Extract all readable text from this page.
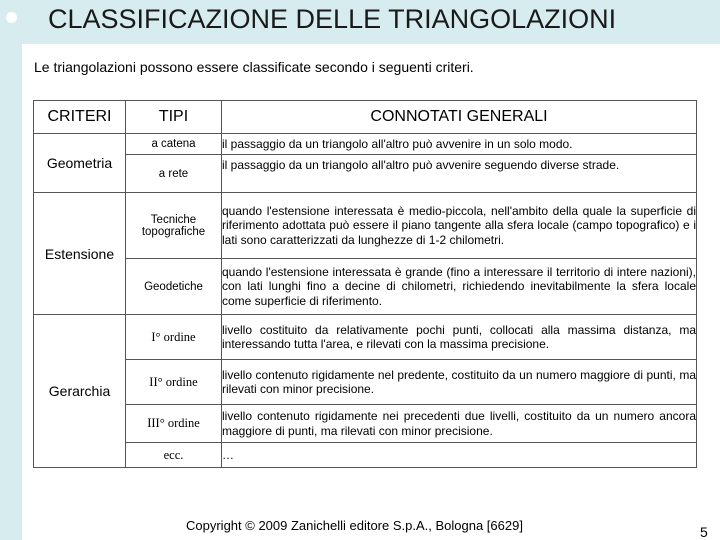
CLASSIFICAZIONE DELLE TRIANGOLAZIONI
Le triangolazioni possono essere classificate secondo i seguenti criteri.
CRITERI	TIPI	CONNOTATI GENERALI
Geometria	a catena	il passaggio da un triangolo all'altro può avvenire in un solo modo.
	a rete	il passaggio da un triangolo all'altro può avvenire seguendo diverse strade.
Estensione	Tecniche topografiche	quando l'estensione interessata è medio-piccola, nell'ambito della quale la superficie di riferimento adottata può essere il piano tangente alla sfera locale (campo topografico) e i lati sono caratterizzati da lunghezze di 1-2 chilometri.
	Geodetiche	quando l'estensione interessata è grande (fino a interessare il territorio di intere nazioni), con lati lunghi fino a decine di chilometri, richiedendo inevitabilmente la sfera locale come superficie di riferimento.
Gerarchia	I° ordine	livello costituito da relativamente pochi punti, collocati alla massima distanza, ma interessando tutta l'area, e rilevati con la massima precisione.
	II° ordine	livello contenuto rigidamente nel predente, costituito da un numero maggiore di punti, ma rilevati con minor precisione.
	III° ordine	livello contenuto rigidamente nei precedenti due livelli, costituito da un numero ancora maggiore di punti, ma rilevati con minor precisione.
	ecc.	…
Copyright © 2009 Zanichelli editore S.p.A., Bologna [6629]	5
